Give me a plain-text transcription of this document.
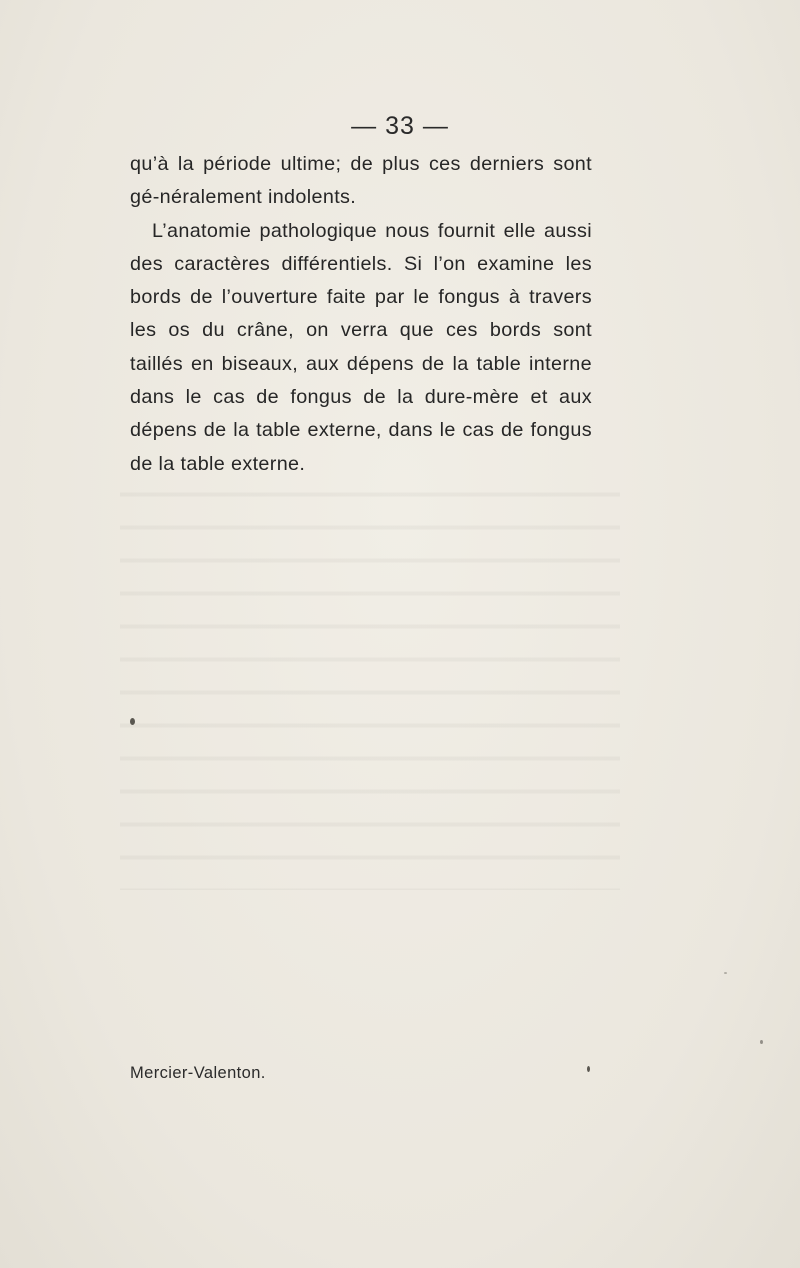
— 33 —

qu’à la période ultime; de plus ces derniers sont gé-néralement indolents.

L’anatomie pathologique nous fournit elle aussi des caractères différentiels. Si l’on examine les bords de l’ouverture faite par le fongus à travers les os du crâne, on verra que ces bords sont taillés en biseaux, aux dépens de la table interne dans le cas de fongus de la dure-mère et aux dépens de la table externe, dans le cas de fongus de la table externe.

Mercier-Valenton.
